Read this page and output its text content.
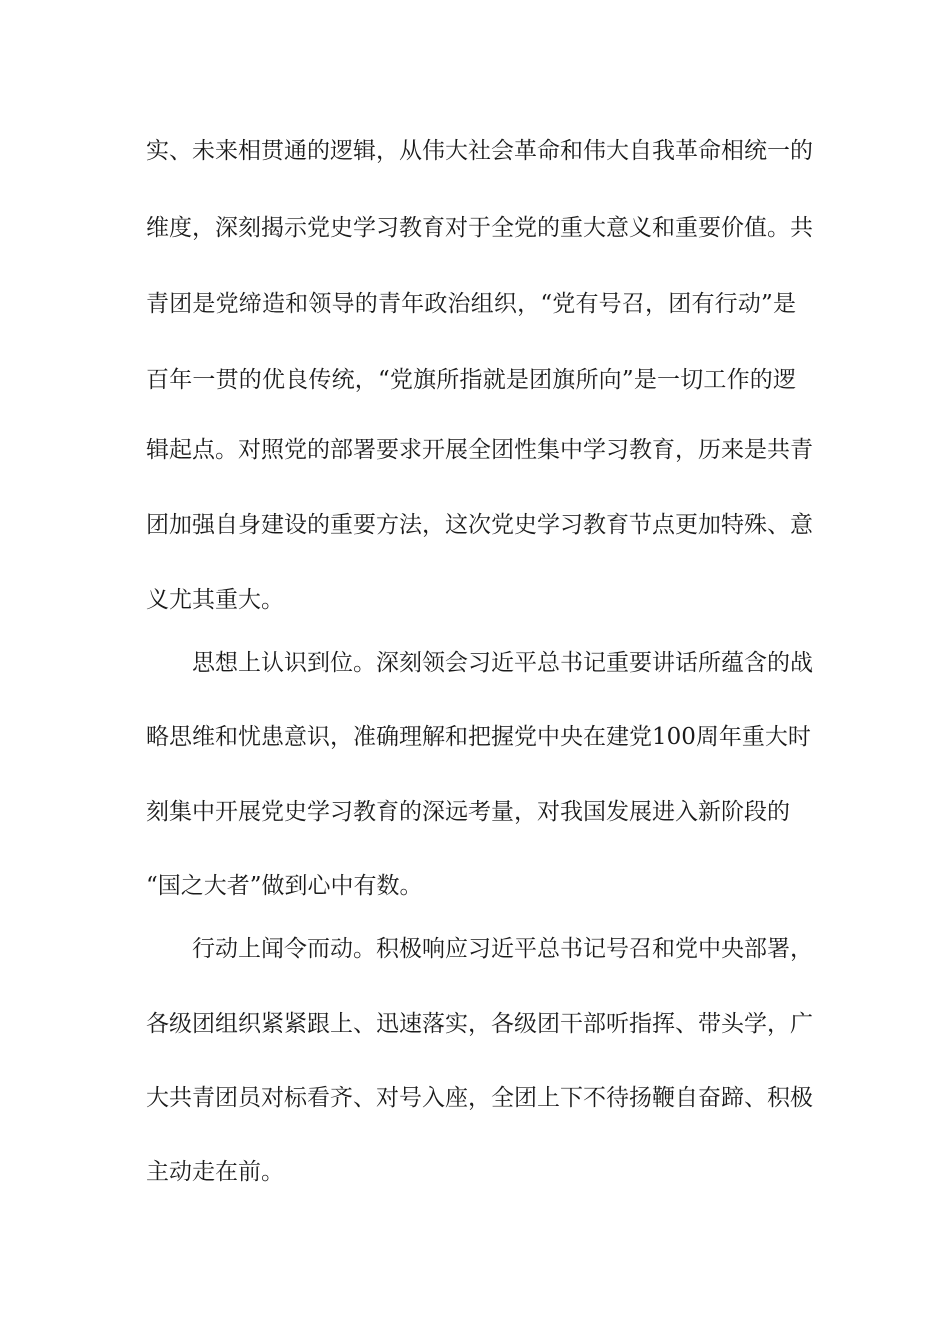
实、未来相贯通的逻辑，从伟大社会革命和伟大自我革命相统一的

维度，深刻揭示党史学习教育对于全党的重大意义和重要价值。共

青团是党缔造和领导的青年政治组织，“党有号召，团有行动”是

百年一贯的优良传统，“党旗所指就是团旗所向”是一切工作的逻

辑起点。对照党的部署要求开展全团性集中学习教育，历来是共青

团加强自身建设的重要方法，这次党史学习教育节点更加特殊、意

义尤其重大。

思想上认识到位。深刻领会习近平总书记重要讲话所蕴含的战

略思维和忧患意识，准确理解和把握党中央在建党100周年重大时

刻集中开展党史学习教育的深远考量，对我国发展进入新阶段的

“国之大者”做到心中有数。

行动上闻令而动。积极响应习近平总书记号召和党中央部署，

各级团组织紧紧跟上、迅速落实，各级团干部听指挥、带头学，广

大共青团员对标看齐、对号入座，全团上下不待扬鞭自奋蹄、积极

主动走在前。
